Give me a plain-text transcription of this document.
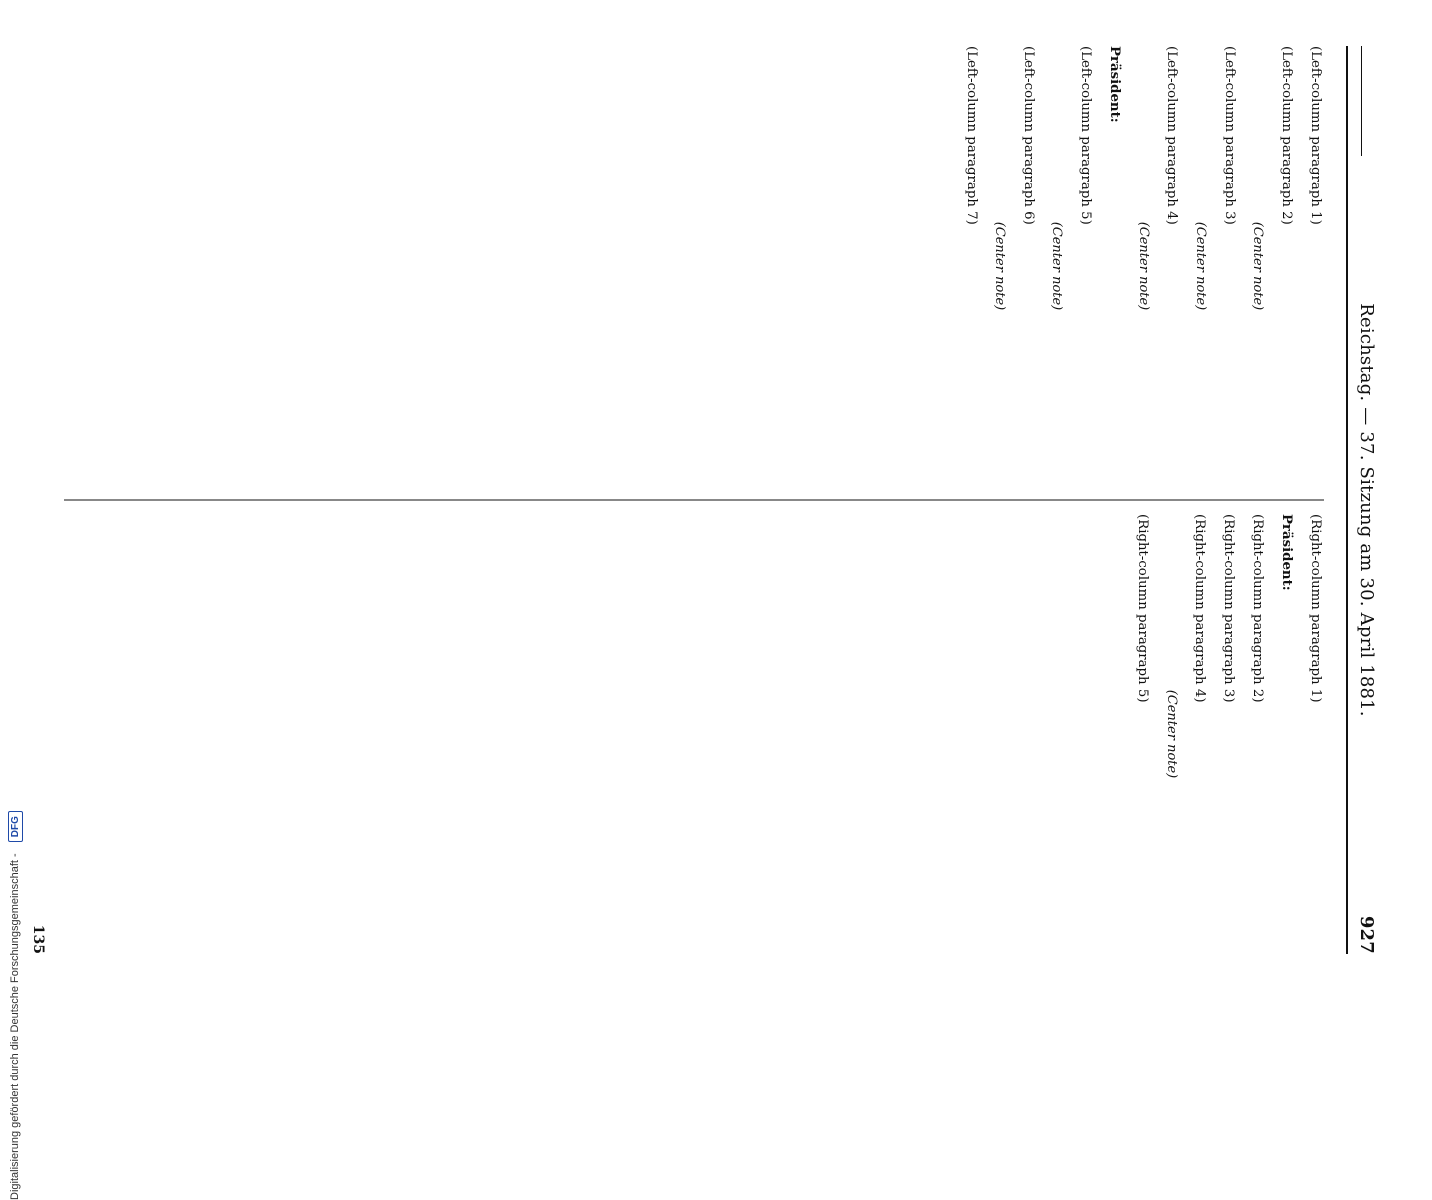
Reichstag. — 37. Sitzung am 30. April 1881.
927

(Left-column paragraph 1)

(Left-column paragraph 2)

(Center note)

(Left-column paragraph 3)

(Center note)

(Left-column paragraph 4)

(Center note)

Präsident:

(Left-column paragraph 5)

(Center note)

(Left-column paragraph 6)

(Center note)

(Left-column paragraph 7)

(Right-column paragraph 1)

Präsident:

(Right-column paragraph 2)

(Right-column paragraph 3)

(Right-column paragraph 4)

(Center note)

(Right-column paragraph 5)

135
Digitalisierung gefördert durch die Deutsche Forschungsgemeinschaft - DFG
